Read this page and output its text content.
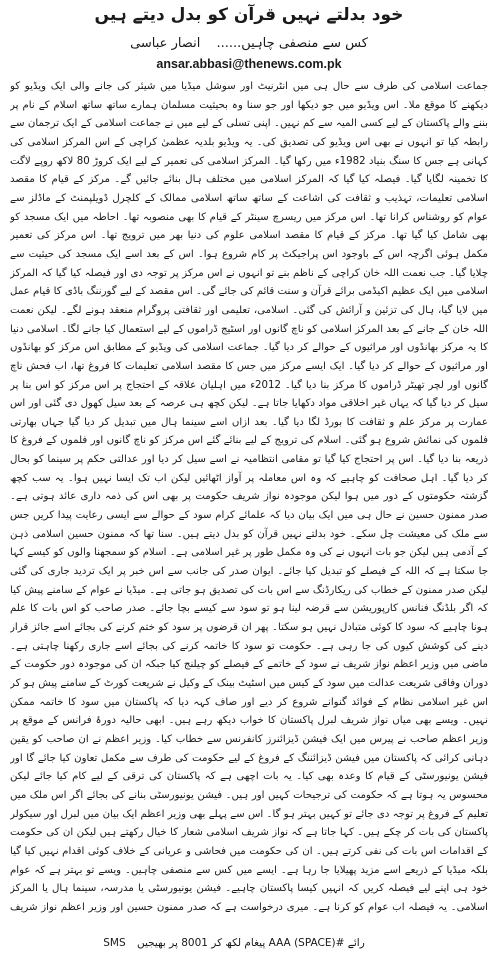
خود بدلتے نہیں قرآن کو بدل دیتے ہیں
کس سے منصفی چاہیں...... انصار عباسی
ansar.abbasi@thenews.com.pk

جماعت اسلامی کی طرف سے حال ہی میں انٹرنیٹ اور سوشل میڈیا میں شیئر کی جانے والی ایک ویڈیو کو دیکھنے کا موقع ملا۔ اس ویڈیو میں جو دیکھا اور جو سنا وہ بحیثیت مسلمان ہمارے ساتھ ساتھ اسلام کے نام پر بننے والے پاکستان کے لیے کسی المیہ سے کم نہیں۔ اپنی تسلی کے لیے میں نے جماعت اسلامی کے ایک ترجمان سے رابطہ کیا تو انہوں نے بھی اس ویڈیو کی تصدیق کی۔ یہ ویڈیو بلدیہ عظمیٰ کراچی کے اس المرکز اسلامی کی کہانی ہے جس کا سنگ بنیاد 1982ء میں رکھا گیا۔ المرکز اسلامی کی تعمیر کے لیے ایک کروڑ 80 لاکھ روپے لاگت کا تخمینہ لگایا گیا۔ فیصلہ کیا گیا کہ المرکز اسلامی میں مختلف ہال بنائے جائیں گے۔ مرکز کے قیام کا مقصد اسلامی تعلیمات، تہذیب و ثقافت کی اشاعت کے ساتھ ساتھ اسلامی ممالک کے کلچرل ڈویلپمنٹ کے ماڈلز سے عوام کو روشناس کرانا تھا۔ اس مرکز میں ریسرچ سینٹر کے قیام کا بھی منصوبہ تھا۔ احاطہ میں ایک مسجد کو بھی شامل کیا گیا تھا۔ مرکز کے قیام کا مقصد اسلامی علوم کی دنیا بھر میں ترویج تھا۔ اس مرکز کی تعمیر مکمل ہوئی اگرچہ اس کے باوجود اس پراجیکٹ پر کام شروع ہوا۔ اس کے بعد اسے ایک مسجد کی حیثیت سے چلایا گیا۔ جب نعمت اللہ خان کراچی کے ناظم بنے تو انہوں نے اس مرکز پر توجہ دی اور فیصلہ کیا گیا کہ المرکز اسلامی میں ایک عظیم اکیڈمی برائے قرآن و سنت قائم کی جائے گی۔ اس مقصد کے لیے گورننگ باڈی کا قیام عمل میں لایا گیا، ہال کی تزئین و آرائش کی گئی۔ اسلامی، تعلیمی اور ثقافتی پروگرام منعقد ہونے لگے۔ لیکن نعمت اللہ خان کے جانے کے بعد المرکز اسلامی کو ناچ گانوں اور اسٹیج ڈراموں کے لیے استعمال کیا جانے لگا۔ اسلامی دنیا کا یہ مرکز بھانڈوں اور مراثیوں کے حوالے کر دیا گیا۔ جماعت اسلامی کی ویڈیو کے مطابق اس مرکز کو بھانڈوں اور مراثیوں کے حوالے کر دیا گیا۔ ایک ایسے مرکز میں جس کا مقصد اسلامی تعلیمات کا فروغ تھا، اب فحش ناچ گانوں اور لچر تھیٹر ڈراموں کا مرکز بنا دیا گیا۔ 2012ء میں اہلیان علاقہ کے احتجاج پر اس مرکز کو اس بنا پر سیل کر دیا گیا کہ یہاں غیر اخلاقی مواد دکھایا جاتا ہے۔ لیکن کچھ ہی عرصہ کے بعد سیل کھول دی گئی اور اس عمارت پر مرکز علم و ثقافت کا بورڈ لگا دیا گیا۔ بعد ازاں اسے سینما ہال میں تبدیل کر دیا گیا جہاں بھارتی فلموں کی نمائش شروع ہو گئی۔ اسلام کی ترویج کے لیے بنائے گئے اس مرکز کو ناچ گانوں اور فلموں کے فروغ کا ذریعہ بنا دیا گیا۔ اس پر احتجاج کیا گیا تو مقامی انتظامیہ نے اسے سیل کر دیا اور عدالتی حکم پر سینما کو بحال کر دیا گیا۔ اہل صحافت کو چاہیے کہ وہ اس معاملہ پر آواز اٹھائیں لیکن اب تک ایسا نہیں ہوا۔ یہ سب کچھ گزشتہ حکومتوں کے دور میں ہوا لیکن موجودہ نواز شریف حکومت پر بھی اس کی ذمہ داری عائد ہوتی ہے۔ صدر ممنون حسین نے حال ہی میں ایک بیان دیا کہ علمائے کرام سود کے حوالے سے ایسی رعایت پیدا کریں جس سے ملک کی معیشت چل سکے۔ خود بدلتے نہیں قرآن کو بدل دیتے ہیں۔ سنا تھا کہ ممنون حسین اسلامی ذہن کے آدمی ہیں لیکن جو بات انہوں نے کی وہ مکمل طور پر غیر اسلامی ہے۔ اسلام کو سمجھنا والوں کو کیسے کہا جا سکتا ہے کہ اللہ کے فیصلے کو تبدیل کیا جائے۔ ایوان صدر کی جانب سے اس خبر پر ایک تردید جاری کی گئی لیکن صدر ممنون کے خطاب کی ریکارڈنگ سے اس بات کی تصدیق ہو جاتی ہے۔ میڈیا نے عوام کے سامنے پیش کیا کہ اگر بلڈنگ فنانس کارپوریشن سے قرضہ لینا ہو تو سود سے کیسے بچا جائے۔ صدر صاحب کو اس بات کا علم ہونا چاہیے کہ سود کا کوئی متبادل نہیں ہو سکتا۔ پھر ان قرضوں پر سود کو ختم کرنے کی بجائے اسے جائز قرار دینے کی کوشش کیوں کی جا رہی ہے۔ حکومت تو سود کا خاتمہ کرنے کی بجائے اسے جاری رکھنا چاہتی ہے۔ ماضی میں وزیر اعظم نواز شریف نے سود کے خاتمے کے فیصلے کو چیلنج کیا جبکہ ان کی موجودہ دور حکومت کے دوران وفاقی شریعت عدالت میں سود کے کیس میں اسٹیٹ بینک کے وکیل نے شریعت کورٹ کے سامنے پیش ہو کر اس غیر اسلامی نظام کے فوائد گنوانے شروع کر دیے اور صاف کہہ دیا کہ پاکستان میں سود کا خاتمہ ممکن نہیں۔ ویسے بھی میاں نواز شریف لبرل پاکستان کا خواب دیکھ رہے ہیں۔ ابھی حالیہ دورۂ فرانس کے موقع پر وزیر اعظم صاحب نے پیرس میں ایک فیشن ڈیزائنرز کانفرنس سے خطاب کیا۔ وزیر اعظم نے ان صاحب کو یقین دہانی کرائی کہ پاکستان میں فیشن ڈیزائننگ کے فروغ کے لیے حکومت کی طرف سے مکمل تعاون کیا جائے گا اور فیشن یونیورسٹی کے قیام کا وعدہ بھی کیا۔ یہ بات اچھی ہے کہ پاکستان کی ترقی کے لیے کام کیا جائے لیکن محسوس یہ ہوتا ہے کہ حکومت کی ترجیحات کہیں اور ہیں۔ فیشن یونیورسٹی بنانے کی بجائے اگر اس ملک میں تعلیم کے فروغ پر توجہ دی جائے تو کہیں بہتر ہو گا۔ اس سے پہلے بھی وزیر اعظم ایک بیان میں لبرل اور سیکولر پاکستان کی بات کر چکے ہیں۔ کہا جاتا ہے کہ نواز شریف اسلامی شعار کا خیال رکھتے ہیں لیکن ان کی حکومت کے اقدامات اس بات کی نفی کرتے ہیں۔ ان کی حکومت میں فحاشی و عریانی کے خلاف کوئی اقدام نہیں کیا گیا بلکہ میڈیا کے ذریعے اسے مزید پھیلایا جا رہا ہے۔ ایسے میں کس سے منصفی چاہیں۔ ویسے تو بہتر ہے کہ عوام خود ہی اپنے لیے فیصلہ کریں کہ انہیں کیسا پاکستان چاہیے۔ فیشن یونیورسٹی یا مدرسہ، سینما ہال یا المرکز اسلامی۔ یہ فیصلہ اب عوام کو کرنا ہے۔ میری درخواست ہے کہ صدر ممنون حسین اور وزیر اعظم نواز شریف

رائے #AAA (SPACE) پیغام لکھ کر 8001 پر بھیجیں SMS
